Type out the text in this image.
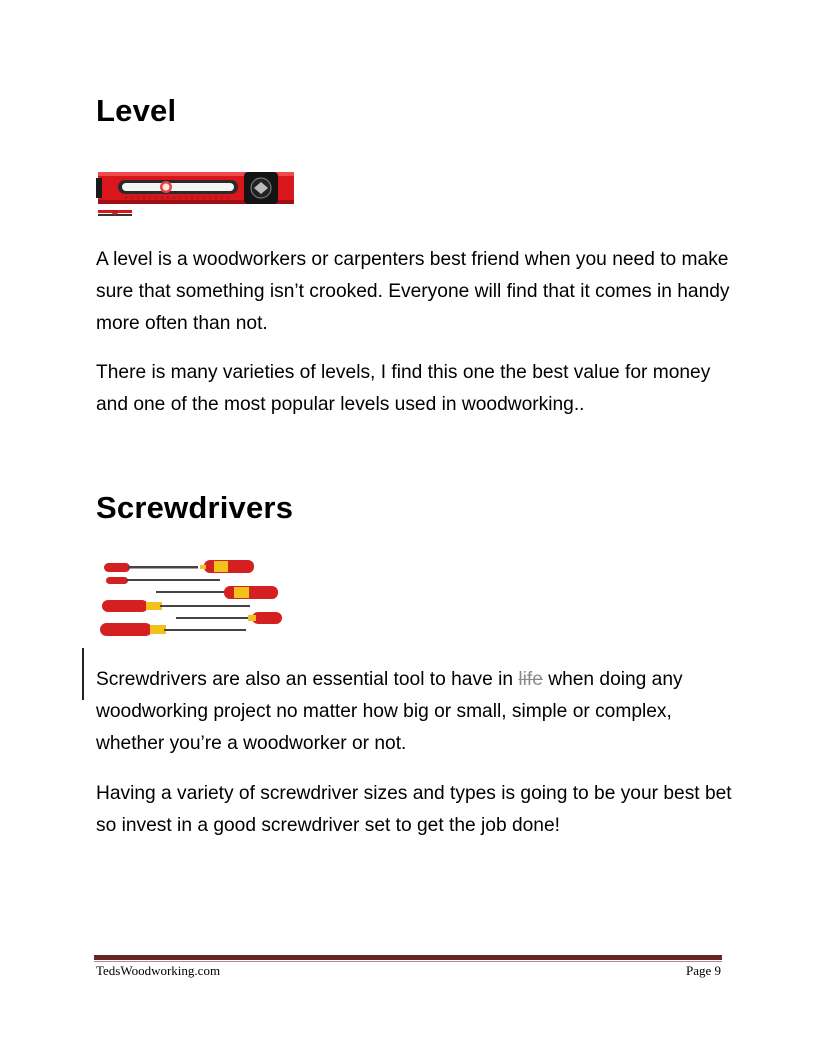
Level

A level is a woodworkers or carpenters best friend when you need to make sure that something isn’t crooked. Everyone will find that it comes in handy more often than not.

There is many varieties of levels, I find this one the best value for money and one of the most popular levels used in woodworking..

Screwdrivers

Screwdrivers are also an essential tool to have in life when doing any woodworking project no matter how big or small, simple or complex, whether you’re a woodworker or not.

Having a variety of screwdriver sizes and types is going to be your best bet so invest in a good screwdriver set to get the job done!

TedsWoodworking.com	Page 9
